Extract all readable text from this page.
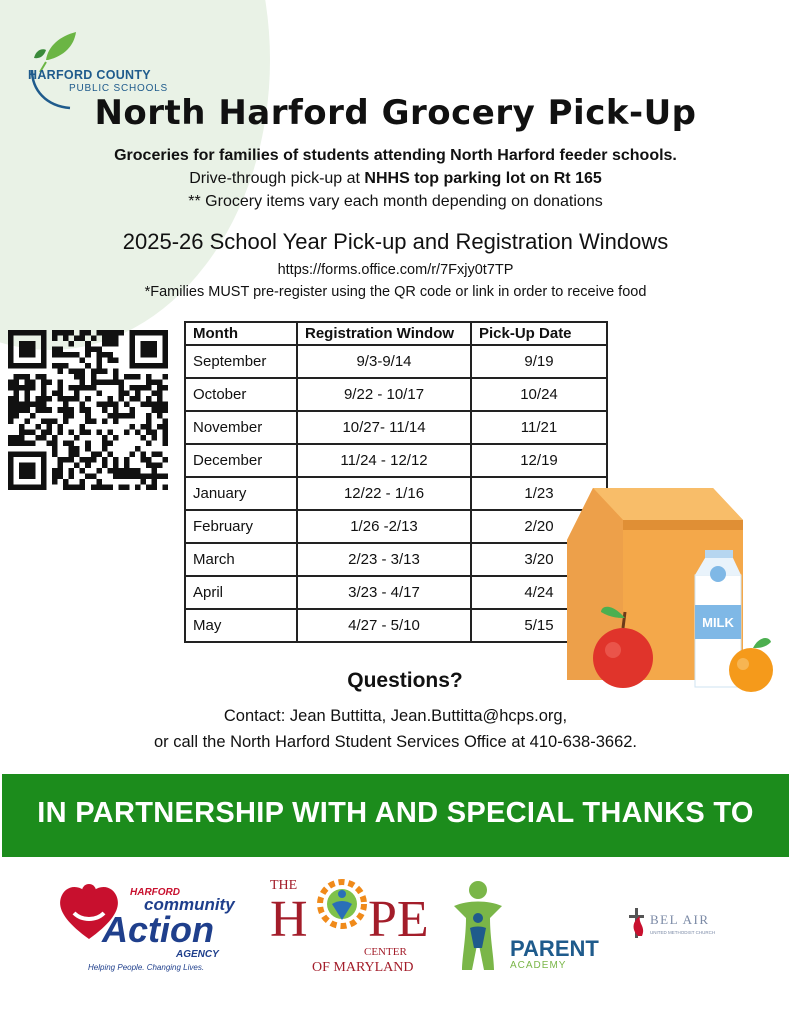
HARFORD COUNTY
PUBLIC SCHOOLS
North Harford Grocery Pick-Up
Groceries for families of students attending North Harford feeder schools.
Drive-through pick-up at NHHS top parking lot on Rt 165
** Grocery items vary each month depending on donations
2025-26 School Year Pick-up and Registration Windows
https://forms.office.com/r/7Fxjy0t7TP
*Families MUST pre-register using the QR code or link in order to receive food
Month	Registration Window	Pick-Up Date
September	9/3-9/14	9/19
October	9/22 - 10/17	10/24
November	10/27- 11/14	11/21
December	11/24 - 12/12	12/19
January	12/22 - 1/16	1/23
February	1/26 -2/13	2/20
March	2/23 - 3/13	3/20
April	3/23 - 4/17	4/24
May	4/27 - 5/10	5/15	MILK
Questions?
Contact: Jean Buttitta, Jean.Buttitta@hcps.org,
or call the North Harford Student Services Office at 410-638-3662.
IN PARTNERSHIP WITH AND SPECIAL THANKS TO
HARFORD
community
Action
AGENCY
Helping People. Changing Lives.
THE
H PE
CENTER
OF MARYLAND
PARENT
ACADEMY
BEL AIR
UNITED METHODIST CHURCH
